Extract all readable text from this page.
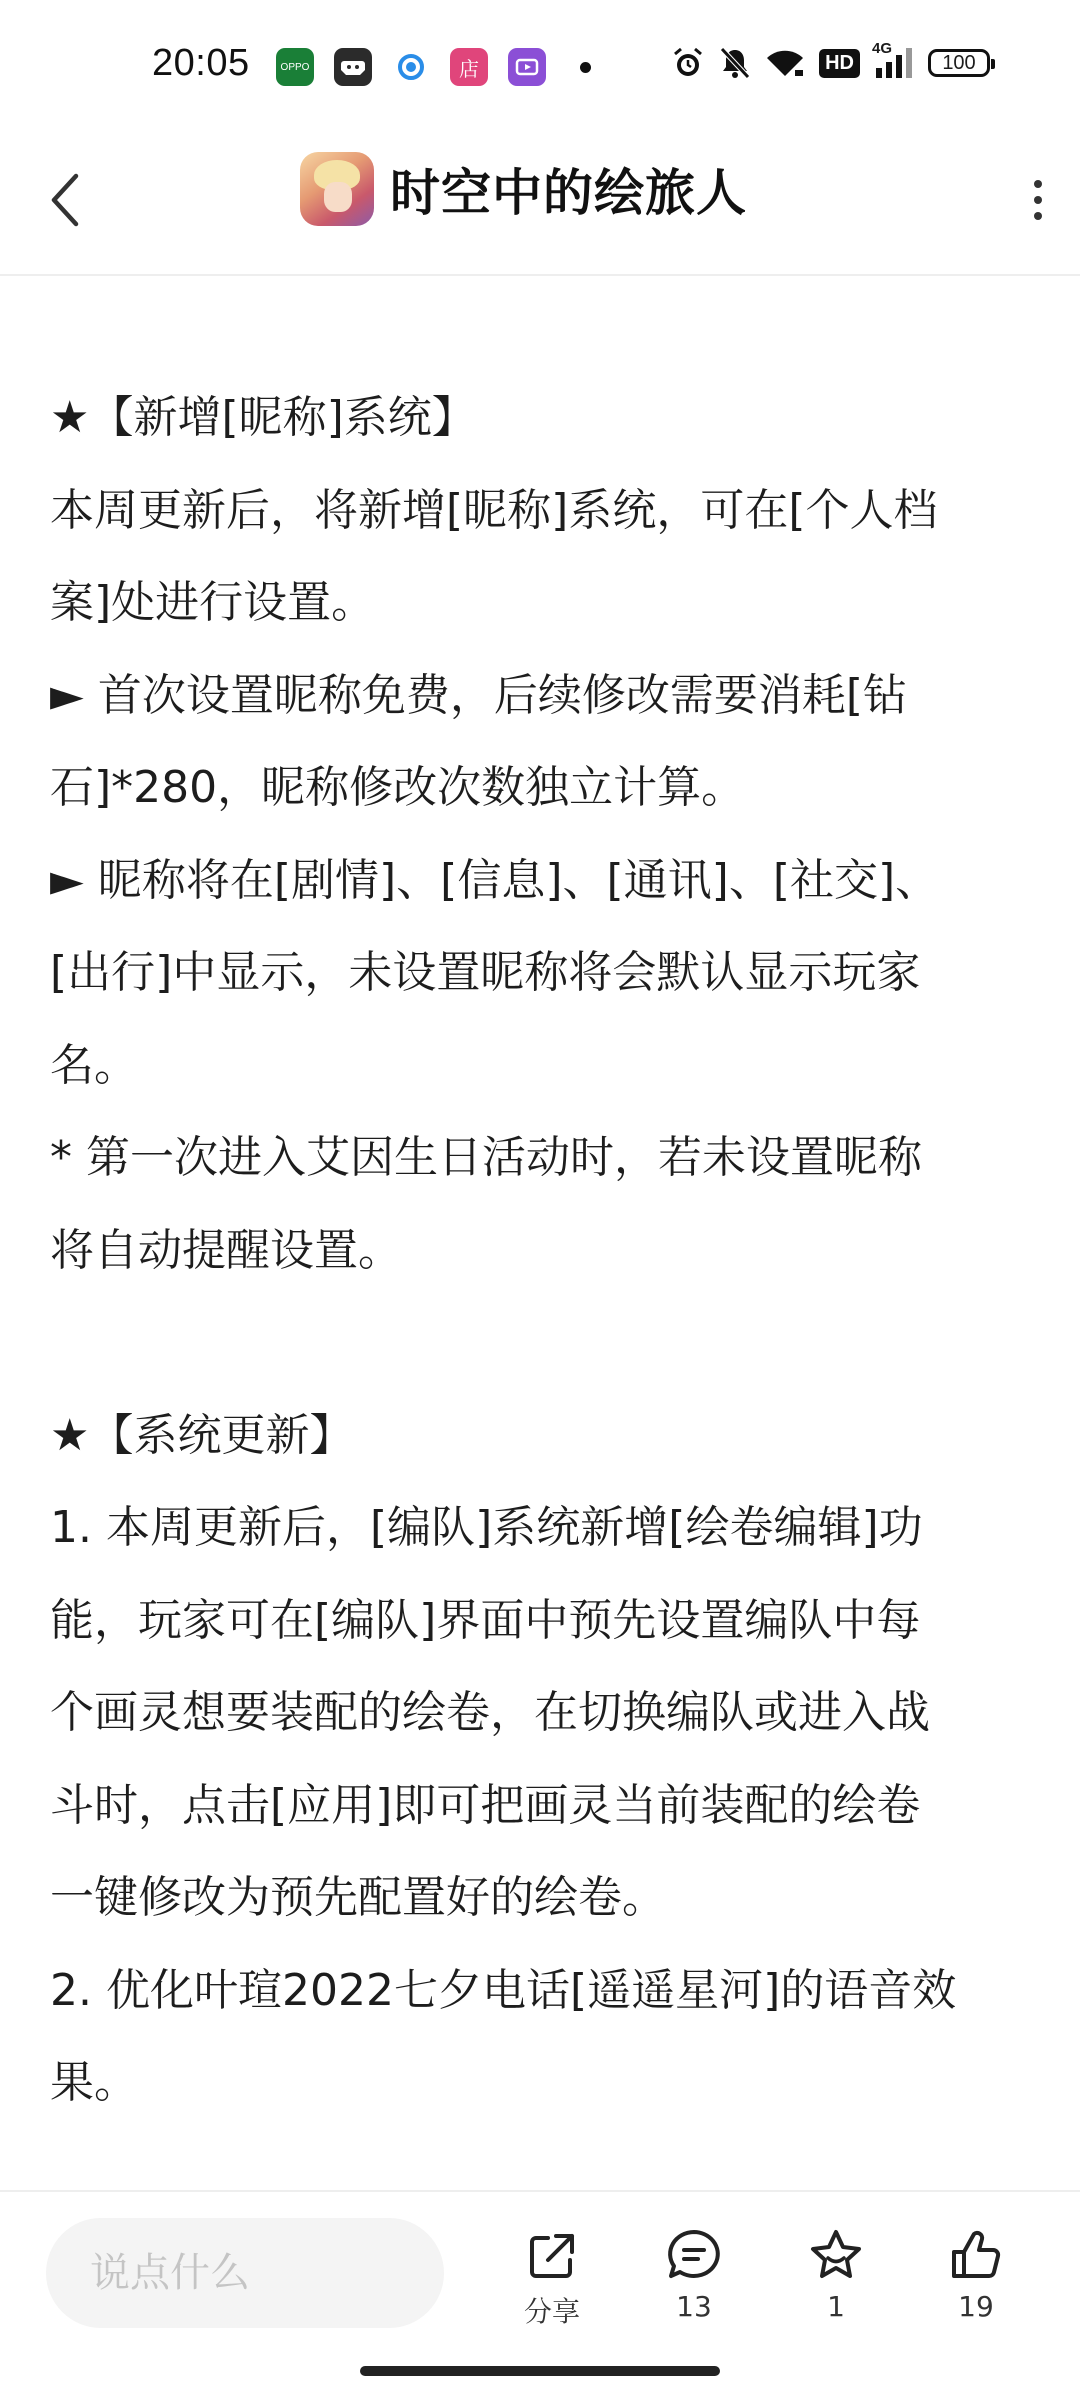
20:05	OPPO	店	HD
4G
100
时空中的绘旅人

★【新增[昵称]系统】

本周更新后，将新增[昵称]系统，可在[个人档

案]处进行设置。

► 首次设置昵称免费，后续修改需要消耗[钻

石]*280，昵称修改次数独立计算。

► 昵称将在[剧情]、[信息]、[通讯]、[社交]、

[出行]中显示，未设置昵称将会默认显示玩家

名。

* 第一次进入艾因生日活动时，若未设置昵称

将自动提醒设置。

★【系统更新】

1. 本周更新后，[编队]系统新增[绘卷编辑]功

能，玩家可在[编队]界面中预先设置编队中每

个画灵想要装配的绘卷，在切换编队或进入战

斗时，点击[应用]即可把画灵当前装配的绘卷

一键修改为预先配置好的绘卷。

2. 优化叶瑄2022七夕电话[遥遥星河]的语音效

果。

说点什么
分享	13	1	19
